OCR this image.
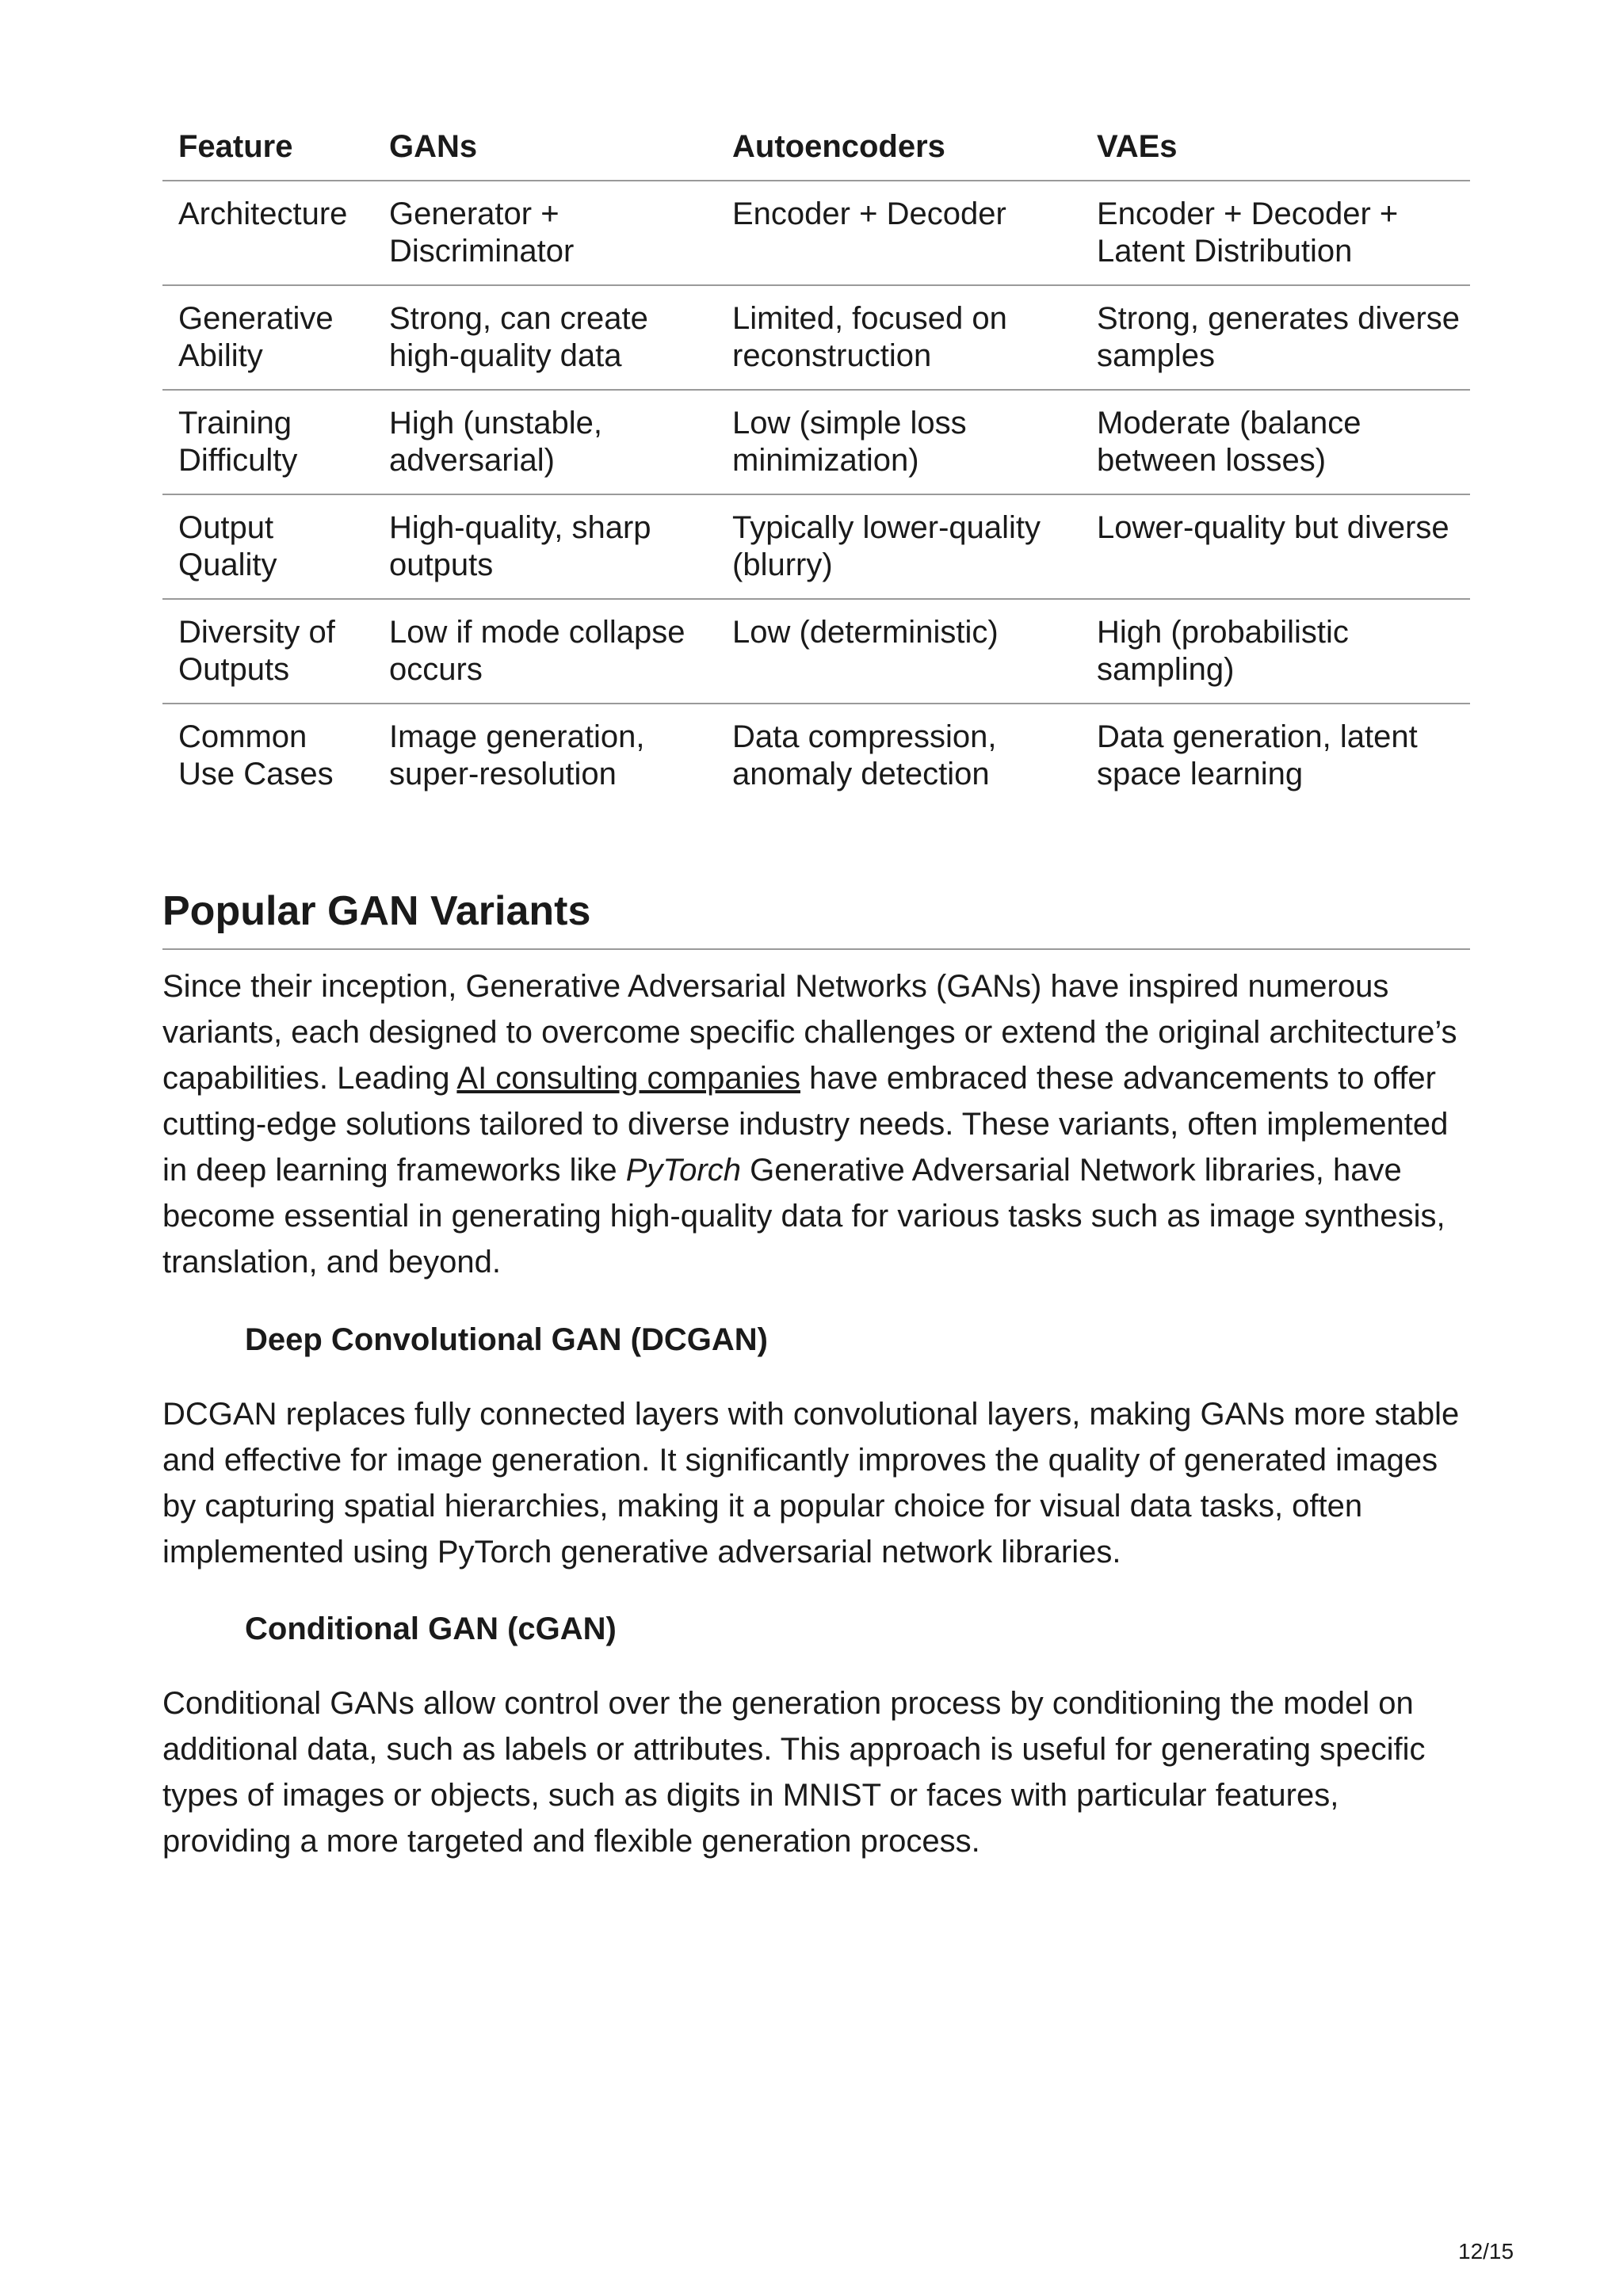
Feature	GANs	Autoencoders	VAEs
Architecture	Generator + Discriminator	Encoder + Decoder	Encoder + Decoder + Latent Distribution
Generative Ability	Strong, can create high-quality data	Limited, focused on reconstruction	Strong, generates diverse samples
Training Difficulty	High (unstable, adversarial)	Low (simple loss minimization)	Moderate (balance between losses)
Output Quality	High-quality, sharp outputs	Typically lower-quality (blurry)	Lower-quality but diverse
Diversity of Outputs	Low if mode collapse occurs	Low (deterministic)	High (probabilistic sampling)
Common Use Cases	Image generation, super-resolution	Data compression, anomaly detection	Data generation, latent space learning
Popular GAN Variants

Since their inception, Generative Adversarial Networks (GANs) have inspired numerous variants, each designed to overcome specific challenges or extend the original architecture’s capabilities. Leading AI consulting companies have embraced these advancements to offer cutting-edge solutions tailored to diverse industry needs. These variants, often implemented in deep learning frameworks like PyTorch Generative Adversarial Network libraries, have become essential in generating high-quality data for various tasks such as image synthesis, translation, and beyond.

Deep Convolutional GAN (DCGAN)

DCGAN replaces fully connected layers with convolutional layers, making GANs more stable and effective for image generation. It significantly improves the quality of generated images by capturing spatial hierarchies, making it a popular choice for visual data tasks, often implemented using PyTorch generative adversarial network libraries.

Conditional GAN (cGAN)

Conditional GANs allow control over the generation process by conditioning the model on additional data, such as labels or attributes. This approach is useful for generating specific types of images or objects, such as digits in MNIST or faces with particular features, providing a more targeted and flexible generation process.

12/15
